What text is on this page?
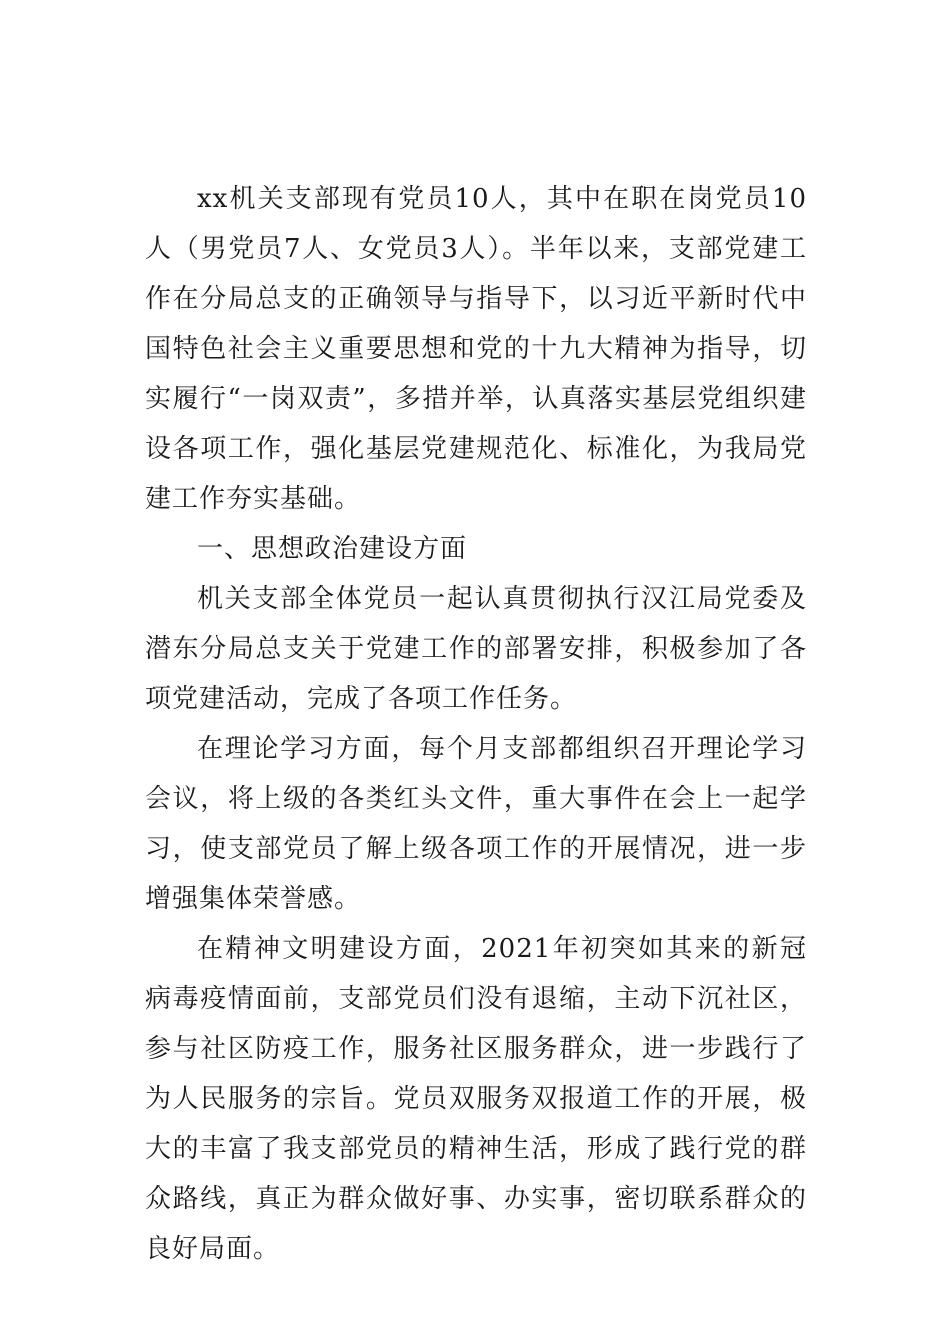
xx机关支部现有党员10人，其中在职在岗党员10人（男党员7人、女党员3人）。半年以来，支部党建工作在分局总支的正确领导与指导下，以习近平新时代中国特色社会主义重要思想和党的十九大精神为指导，切实履行“一岗双责”，多措并举，认真落实基层党组织建设各项工作，强化基层党建规范化、标准化，为我局党建工作夯实基础。

一、思想政治建设方面

机关支部全体党员一起认真贯彻执行汉江局党委及潜东分局总支关于党建工作的部署安排，积极参加了各项党建活动，完成了各项工作任务。

在理论学习方面，每个月支部都组织召开理论学习会议，将上级的各类红头文件，重大事件在会上一起学习，使支部党员了解上级各项工作的开展情况，进一步增强集体荣誉感。

在精神文明建设方面，2021年初突如其来的新冠病毒疫情面前，支部党员们没有退缩，主动下沉社区，参与社区防疫工作，服务社区服务群众，进一步践行了为人民服务的宗旨。党员双服务双报道工作的开展，极大的丰富了我支部党员的精神生活，形成了践行党的群众路线，真正为群众做好事、办实事，密切联系群众的良好局面。
